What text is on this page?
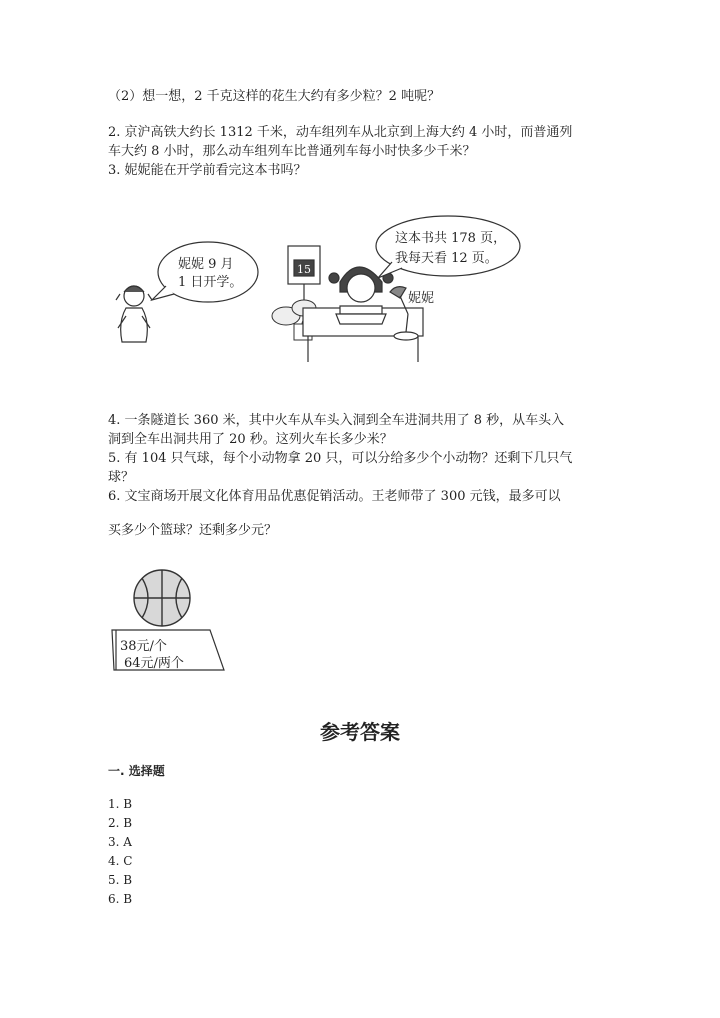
（2）想一想，2 千克这样的花生大约有多少粒？2 吨呢？
2. 京沪高铁大约长 1312 千米，动车组列车从北京到上海大约 4 小时，而普通列
车大约 8 小时，那么动车组列车比普通列车每小时快多少千米？
3. 妮妮能在开学前看完这本书吗？
妮妮 9 月
1 日开学。
15
妮妮
这本书共 178 页，
我每天看 12 页。
4. 一条隧道长 360 米，其中火车从车头入洞到全车进洞共用了 8 秒，从车头入
洞到全车出洞共用了 20 秒。这列火车长多少米？
5. 有 104 只气球，每个小动物拿 20 只，可以分给多少个小动物？还剩下几只气
球？
6. 文宝商场开展文化体育用品优惠促销活动。王老师带了 300 元钱，最多可以
买多少个篮球？还剩多少元？
38元/个
64元/两个
参考答案
一. 选择题
1. B
2. B
3. A
4. C
5. B
6. B
